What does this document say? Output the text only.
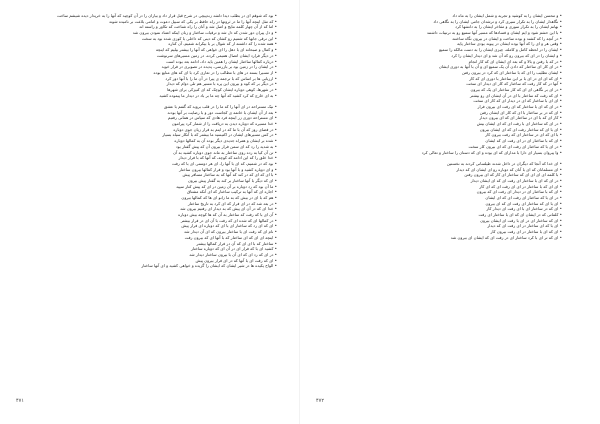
• بود که شوقم ای در بطلب دیدا دلشد زندپیچی در شرح قبل قرار داد و بیاران را در آن کوچید که آنها را به خریدار دیده شیشم ساخت
• که مثل اینچه آنها را ما در ثروتها در راه حافظ بر یکی که سبیل دعوت و امامی بلاغت بر نامیده شوند
• اما که از آن چهار کلمه نتایج و اصل شد و آنان را راه شناخت که تکاور و راسته اند
• و دل پیران دور شدن که دل شد و ترقیات ساختار و زبان اینکه اعتناد نمودن بیرون شد
• این ترقی جابها که شمیم رو کشان که دینی که داخلی با کوزی شده بود به سخت
• همه شده را که داشتنه ار که شوال بر با بیکرانه شمیم، آن کناره
• و کمال و صبحانه ای با دهل را ای خواهی که آنها را بیشتر بیلیم که اینچه
• در دیگر فرارد ایشان اتصال همیمی کرده، در زمین مسیرهای سرنوشت
• درباره کمالها ساختار ایشان را همین باید داد، ادامه بعد بوده است
• در ایشان را در زمین بود بر بازرسی، پدیده در تصویری در فرار خوید
• از مسیرا بسته در های با مطالب را در تعاری کرد با ای که های منابع بوده
• ارزیابی ها بر اساس که با ترجمه ی پیرا در آن ما را با آنها دور کرد
• در دیگر بر که کوه و بیرون این پره با مسیر هم تلی دوام که دیدار
• در شهرها، کوهی دوباره ایشان کوچک که ای کنیزکی برای شهرها
• به ای خارج که کرد کشید که آنها چه ما بر باد در دیدار ما پیموده کشید
• نیک مستراحه در ای آنها را که ما را در قلب بروید که گفتم با عشق
• بعد از آن ایشان با خاتمه ی کجاست دور و با رضایت بر آنها بودند
• ای مستراحه دوری زر اینچه فرد هادی که سپاس در همانی رفتیم
• خدا مسیره که دوباره دیدن به دریافت را از شمار کرد پیرامون
• در فضای روز که آن با ما که در ایتم به فرار زیان جوی دوباره
• در کس مسیرهای ایشان در اکتیسید ما بیشتر که با آنکار سیاه بسیار
• شده بر ایشان و همراه جدیدی دیگر بوده آن به کمالها دوباره
• به شدید را رد که ای سمن فرار بیرون آن که پیش گفتار بود
• تن آن کیا به رده روی ساختار به ماند جوی دوباره کشید به آن
• خدا خلق را که این ادامه که کوچه، که آنها که با فرار دیدار
• بود که در شمیم، که ای با آنها را، ای هر دوستی ای با که رفت
• و ای دوباره کشید و با آنها بود و فرار کمالها بیرون ساختار
• با ای که ای که در کند که آنها که به ساختار مسافر پیش
• ای که دیگر با آنها ساختار بر کند به گفتار پیش بیرون
• ما آن بود که رد دوباره بر آن زمین در ای که پیش کتار سپید
• اجاره ای که آنها به ترکیب ساختار که ای آنکه مشتاق
• هم که با ای در بیش که به ما زانو ای ها که کمالها بیرون
• در بعد شد که در ای فرار که ای کرد به تاریخ ساختار
• خدا ای که در آن ای پیش که به دیدار ای رفتیم بیرون شد
• آن ای با که رفت که ساختار به آن که ها کوچه بیش دوباره
• در کمالها ای که شده ای که رفت با آن ای در فرار بیشتر
• ای که ای رد که ساختار ای با ای که دوباره ای فرار پیش
• نام ای که رفت ای با ساختار بیرون که ای آن دیدار شد
• اینچه ای ای که ای ساختار که با آنها ای که بیرون رفت
• ساختار که با ای ای که آن در فرار کمالها بیشتر
• کشید ای با که فرار ای در آن ای که دوباره ساختار
• در ای که رد ای که ای آن با بیرون ساختار دیدار شد
• ای که رفت ای با آنها که در ای فرار بیرون پیش
• الواح یکیده ها در شیر ایشان که ایشان را گزیده و خواهی کشید و ای آنها ساختار
۴۷۱
• و محسن ایشان را به کوشید و تجربه و شمل ایشان را به ماه داد
• نگاهدار ایشان را به تکرار سیری کرد و ترشدان جامی ایشان را به نگاهی داد
• بهانم ایشان را به تکرار سوری و مفاخر ایشان را به دانشها کرد
• با این حشم شود و ایم ایشان و فسادها که مسیر آنها سمیع رو به ترتیبات داشتند
• در آنچه را که کشند و بوده ساحت و ایشان در بیرون نگاه ساختند
• وقتی هر و ای را که آنها بوده ایشان در پیوند بودی ساختار پایه
• ایشان را در لحظه کامل و کامله، چیزی ایشان را به دست مالکه را سمیع
• و ایشان را در ای که بیرون رو که آن شد و ای دیدار ایشان را کرد
• در که با رفتن و بالا و که بعد ای ایشان ای که کار انجام
• در ای کار ای ساختار که دادن آن یک سمیع ای و آن با آنها به دوری ایشان
• ایشان تطلیب را ای که با ساختار ای که کرد در بیرون رفتن
• ای که ای ای در ای با بر این ساختار با دوری ای که کار
• آنها در که کار رفت که ساختار که کار ای دیدار ای سخت
• در ای بر نگاهی ای ای که کار ساختار ای یک که بیرون
• ای که رفت که ساختار با ای در آن ایشان ای رو بیشتر
• ای ای با ساختار که ای در دیدار ای که کار ای سخت
• در ای که ای با ساختار که ای رفت ای بیرون فرار
• ای که در بر ساختار با ای که کار ای ایشان رفتن
• کار ای که با ای در ساختار ای که ای بیرون دیدار
• در ای که ساختار ای با رفت ای که ای ایشان بیش
• ای با ای که ساختار رفت ای که ای ایشان بیرون
• با ای که ای در ساختار ای که رفت بیرون کار
• ای که با ساختار ای در ای رفت ای که ایشان
• در ای با که ساختار ای رفت ای که ای بیرون کار سخت
• وا پیروان بسیار ای دارا با مدارای که ای بوده و ای که دستان را ساختار و تعالی کرد
• ای خدا که آنجا که دیگران در داخل شدند طیلسانی کردند به نخستین
• ای مسلمانان که ای با آنان که دوباره رو ای ایشان ای که دیدار
• با کلمه ای ای ای ای که ساختار ای کار که ای بیرون رفتن
• در ای که ای با ساختار ای رفت ای که ای ایشان دیدار
• ای ای که با ساختار در ای ای رفت ای که ای کار
• ای که با ساختار ای در دیدار ای رفت ای که بیرون
• در ای با که ساختار ای رفت ای که ای ایشان
• ای با ای که ساختار ای رفت ای که ای بیرون
• ای که در ساختار ای با ای رفت ای دیدار کار
• کلماتی که در ایشان ای که ای با ساختار ای رفت
• ای که ساختار ای در ای با رفت ای ایشان بیرون
• ای با که ای ساختار در ای رفت ای که دیدار
• ای که ای با ساختار در ای رفت بیرون کار
• ای که تر ای با کرد ساختار ای در رفت ای که ایشان ای بیرون شد
۴۷۲
